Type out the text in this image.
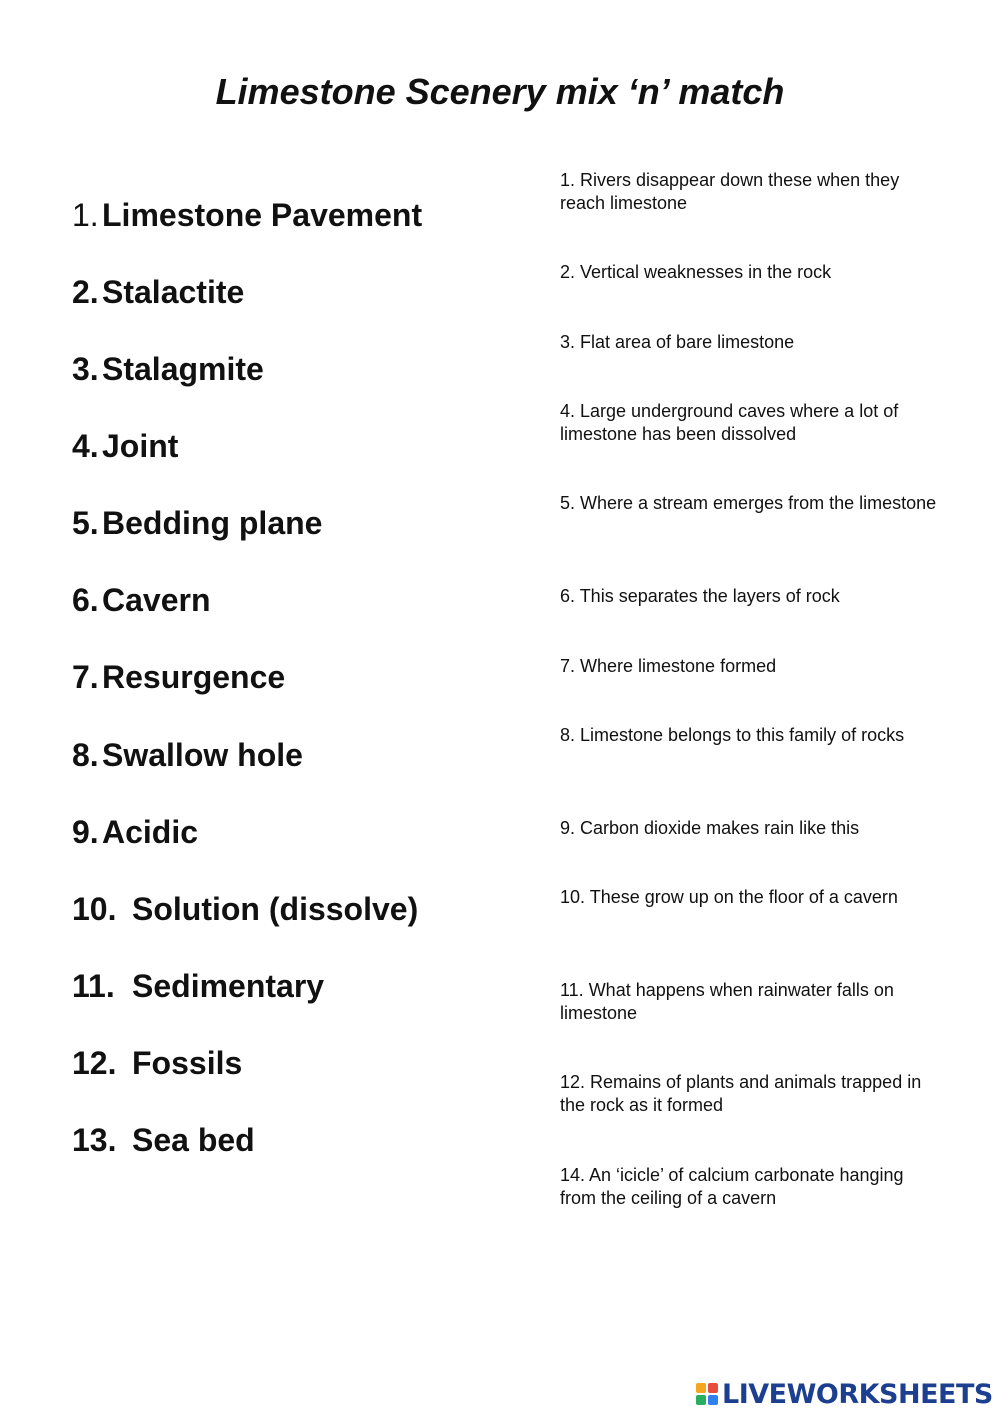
Limestone Scenery mix ‘n’ match
1. Limestone Pavement
2. Stalactite
3. Stalagmite
4. Joint
5. Bedding plane
6. Cavern
7. Resurgence
8. Swallow hole
9. Acidic
10. Solution (dissolve)
11. Sedimentary
12. Fossils
13. Sea bed
1. Rivers disappear down these when they reach limestone
2. Vertical weaknesses in the rock
3. Flat area of bare limestone
4. Large underground caves where a lot of limestone has been dissolved
5. Where a stream emerges from the limestone
6. This separates the layers of rock
7. Where limestone formed
8. Limestone belongs to this family of rocks
9. Carbon dioxide makes rain like this
10. These grow up on the floor of a cavern
11. What happens when rainwater falls on limestone
12. Remains of plants and animals trapped in the rock as it formed
14. An ‘icicle’ of calcium carbonate hanging from the ceiling of a cavern
LIVEWORKSHEETS
